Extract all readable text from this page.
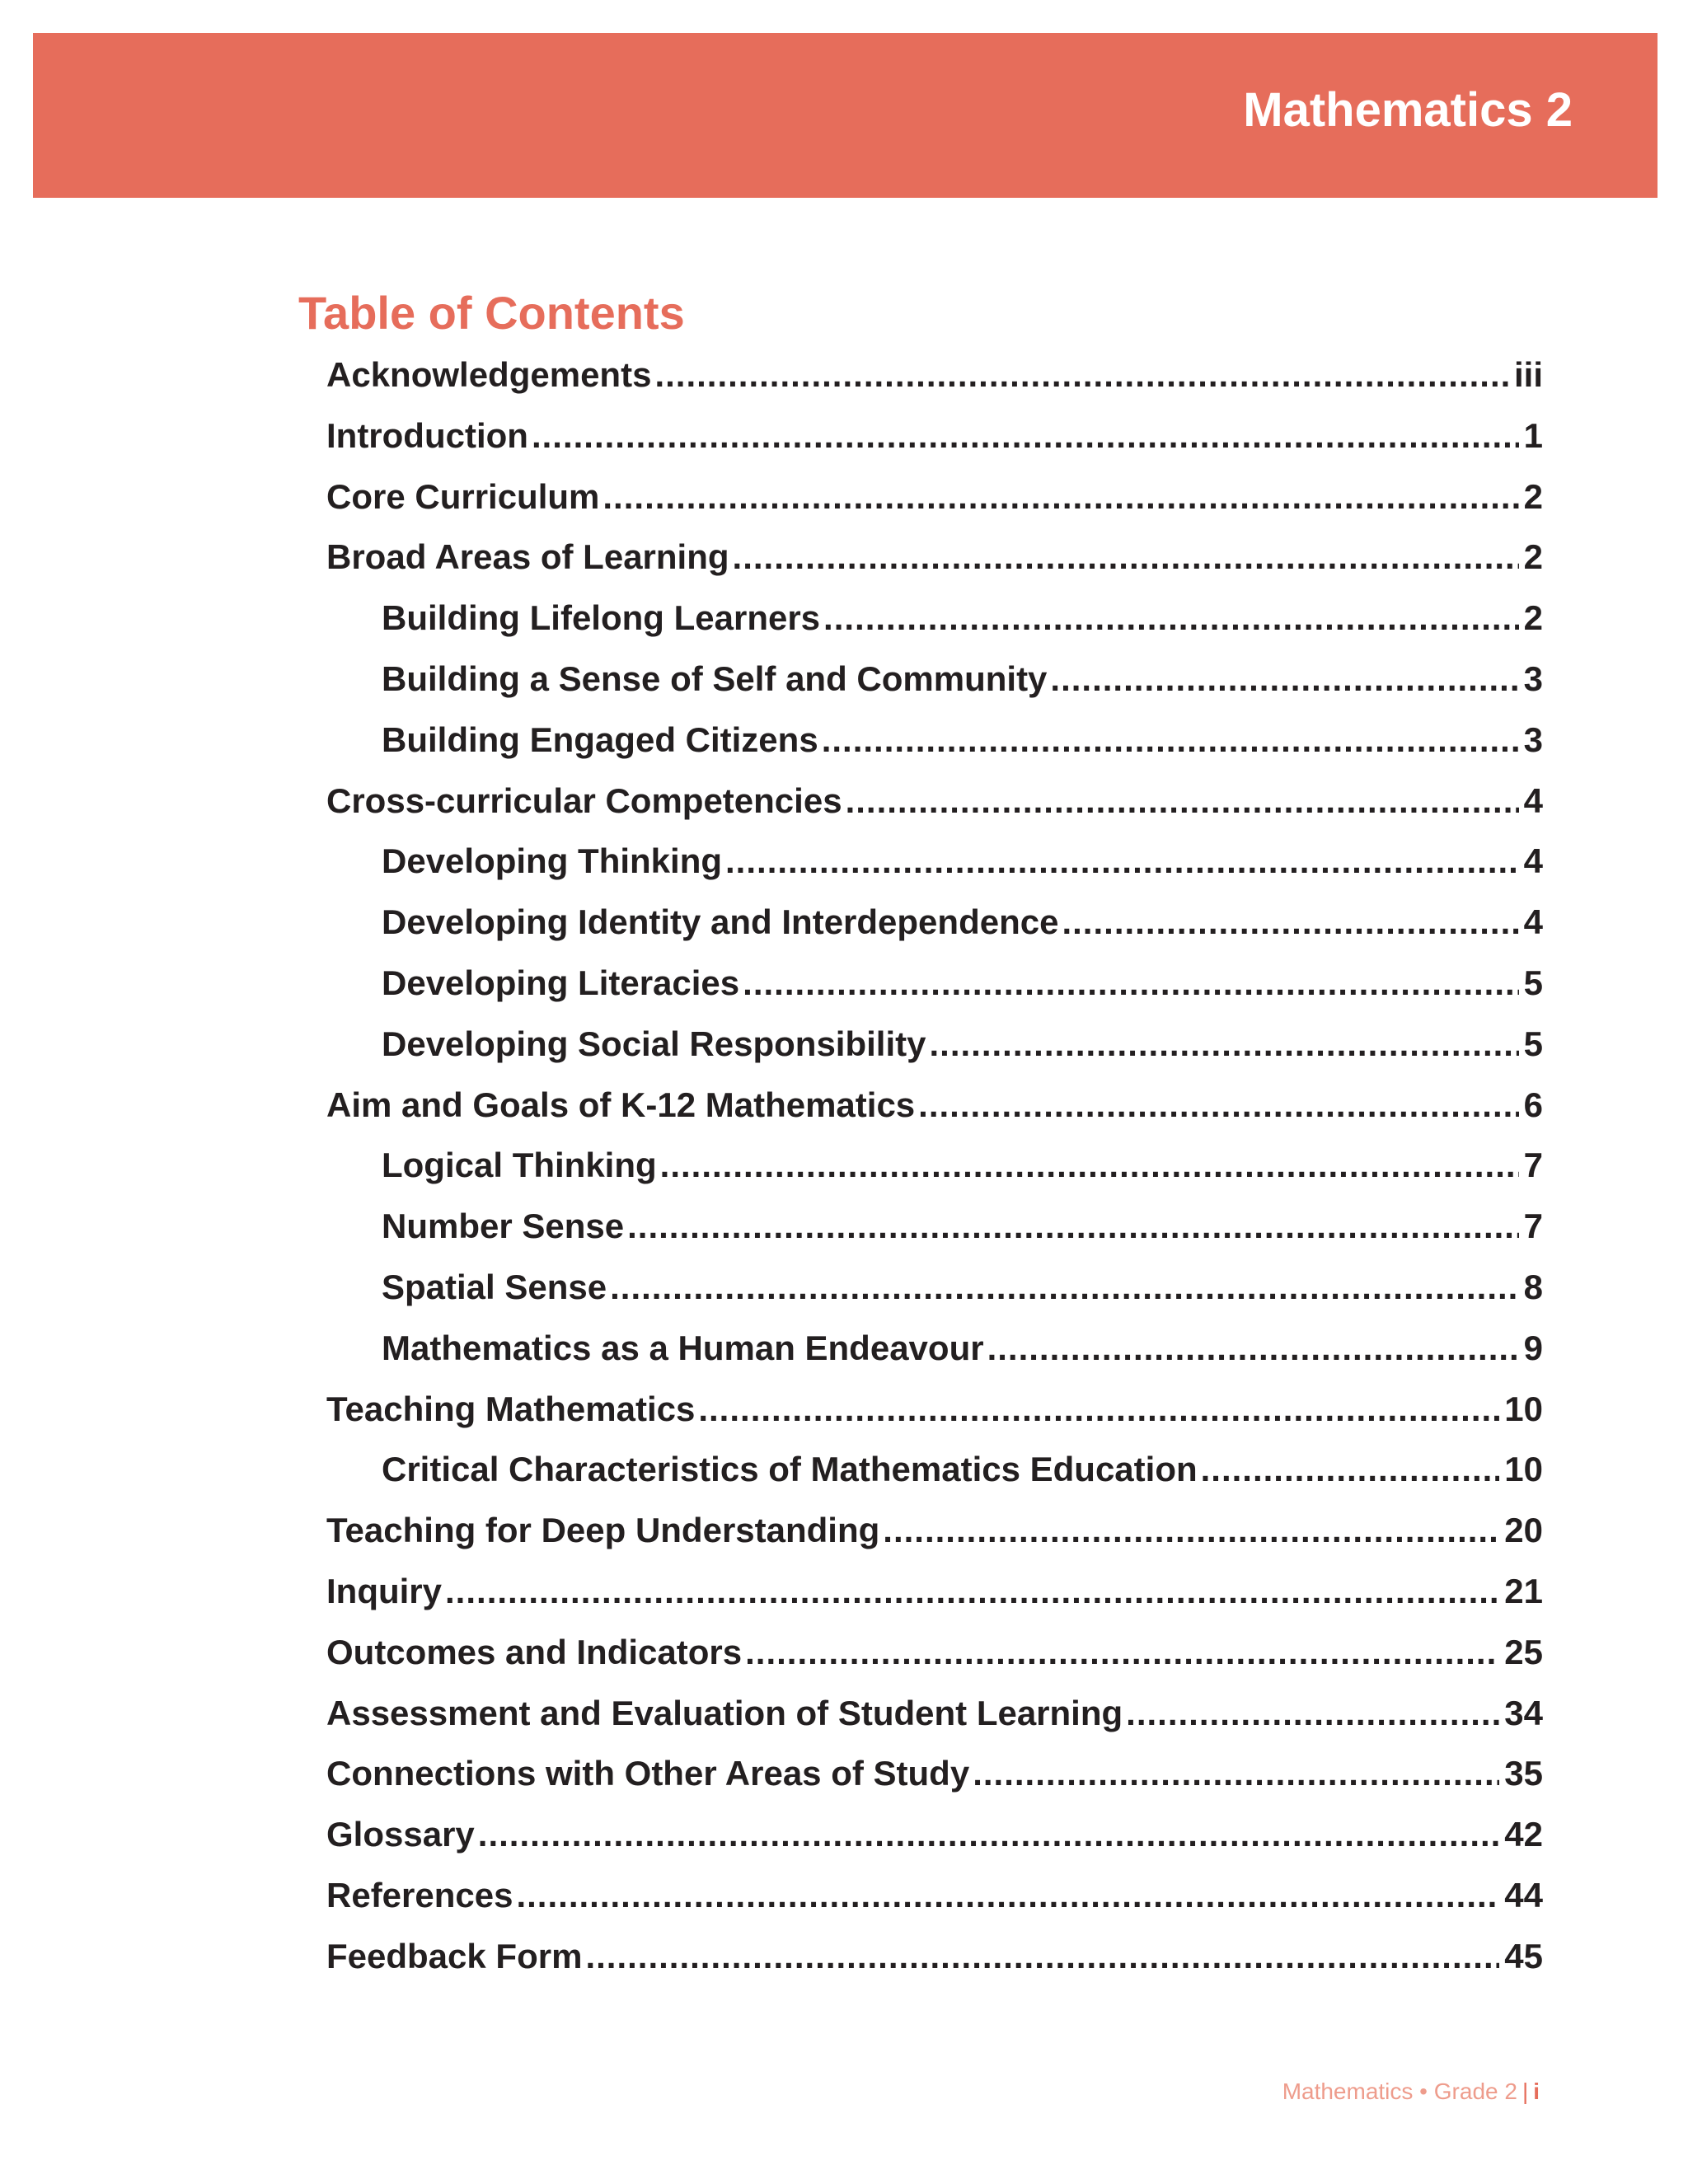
Mathematics 2
Table of Contents
Acknowledgements .....	iii
Introduction .....	1
Core Curriculum .....	2
Broad Areas of Learning .....	2
Building Lifelong Learners .....	2
Building a Sense of Self and Community .....	3
Building Engaged Citizens .....	3
Cross-curricular Competencies .....	4
Developing Thinking .....	4
Developing Identity and Interdependence .....	4
Developing Literacies .....	5
Developing Social Responsibility .....	5
Aim and Goals of K-12 Mathematics .....	6
Logical Thinking .....	7
Number Sense .....	7
Spatial Sense .....	8
Mathematics as a Human Endeavour .....	9
Teaching Mathematics .....	10
Critical Characteristics of Mathematics Education .....	10
Teaching for Deep Understanding .....	20
Inquiry .....	21
Outcomes and Indicators .....	25
Assessment and Evaluation of Student Learning .....	34
Connections with Other Areas of Study .....	35
Glossary .....	42
References .....	44
Feedback Form .....	45
Mathematics • Grade 2 | i
